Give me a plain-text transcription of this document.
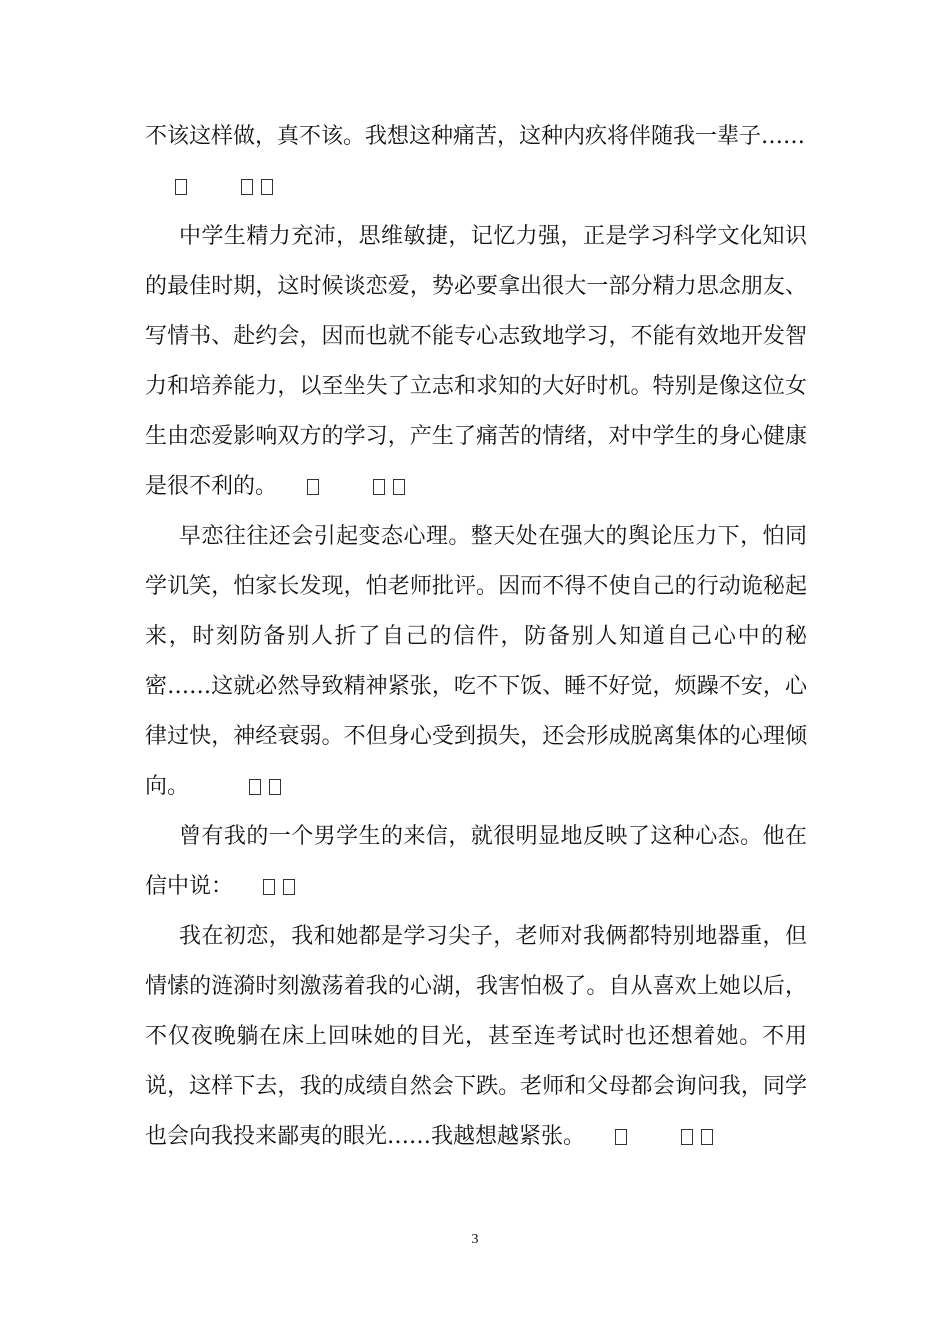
不该这样做，真不该。我想这种痛苦，这种内疚将伴随我一辈子……

中学生精力充沛，思维敏捷，记忆力强，正是学习科学文化知识的最佳时期，这时候谈恋爱，势必要拿出很大一部分精力思念朋友、写情书、赴约会，因而也就不能专心志致地学习，不能有效地开发智力和培养能力，以至坐失了立志和求知的大好时机。特别是像这位女生由恋爱影响双方的学习，产生了痛苦的情绪，对中学生的身心健康是很不利的。

早恋往往还会引起变态心理。整天处在强大的舆论压力下，怕同学讥笑，怕家长发现，怕老师批评。因而不得不使自己的行动诡秘起来，时刻防备别人折了自己的信件，防备别人知道自己心中的秘密……这就必然导致精神紧张，吃不下饭、睡不好觉，烦躁不安，心律过快，神经衰弱。不但身心受到损失，还会形成脱离集体的心理倾向。

曾有我的一个男学生的来信，就很明显地反映了这种心态。他在信中说：

我在初恋，我和她都是学习尖子，老师对我俩都特别地器重，但情愫的涟漪时刻激荡着我的心湖，我害怕极了。自从喜欢上她以后，不仅夜晚躺在床上回味她的目光，甚至连考试时也还想着她。不用说，这样下去，我的成绩自然会下跌。老师和父母都会询问我，同学也会向我投来鄙夷的眼光……我越想越紧张。

3
